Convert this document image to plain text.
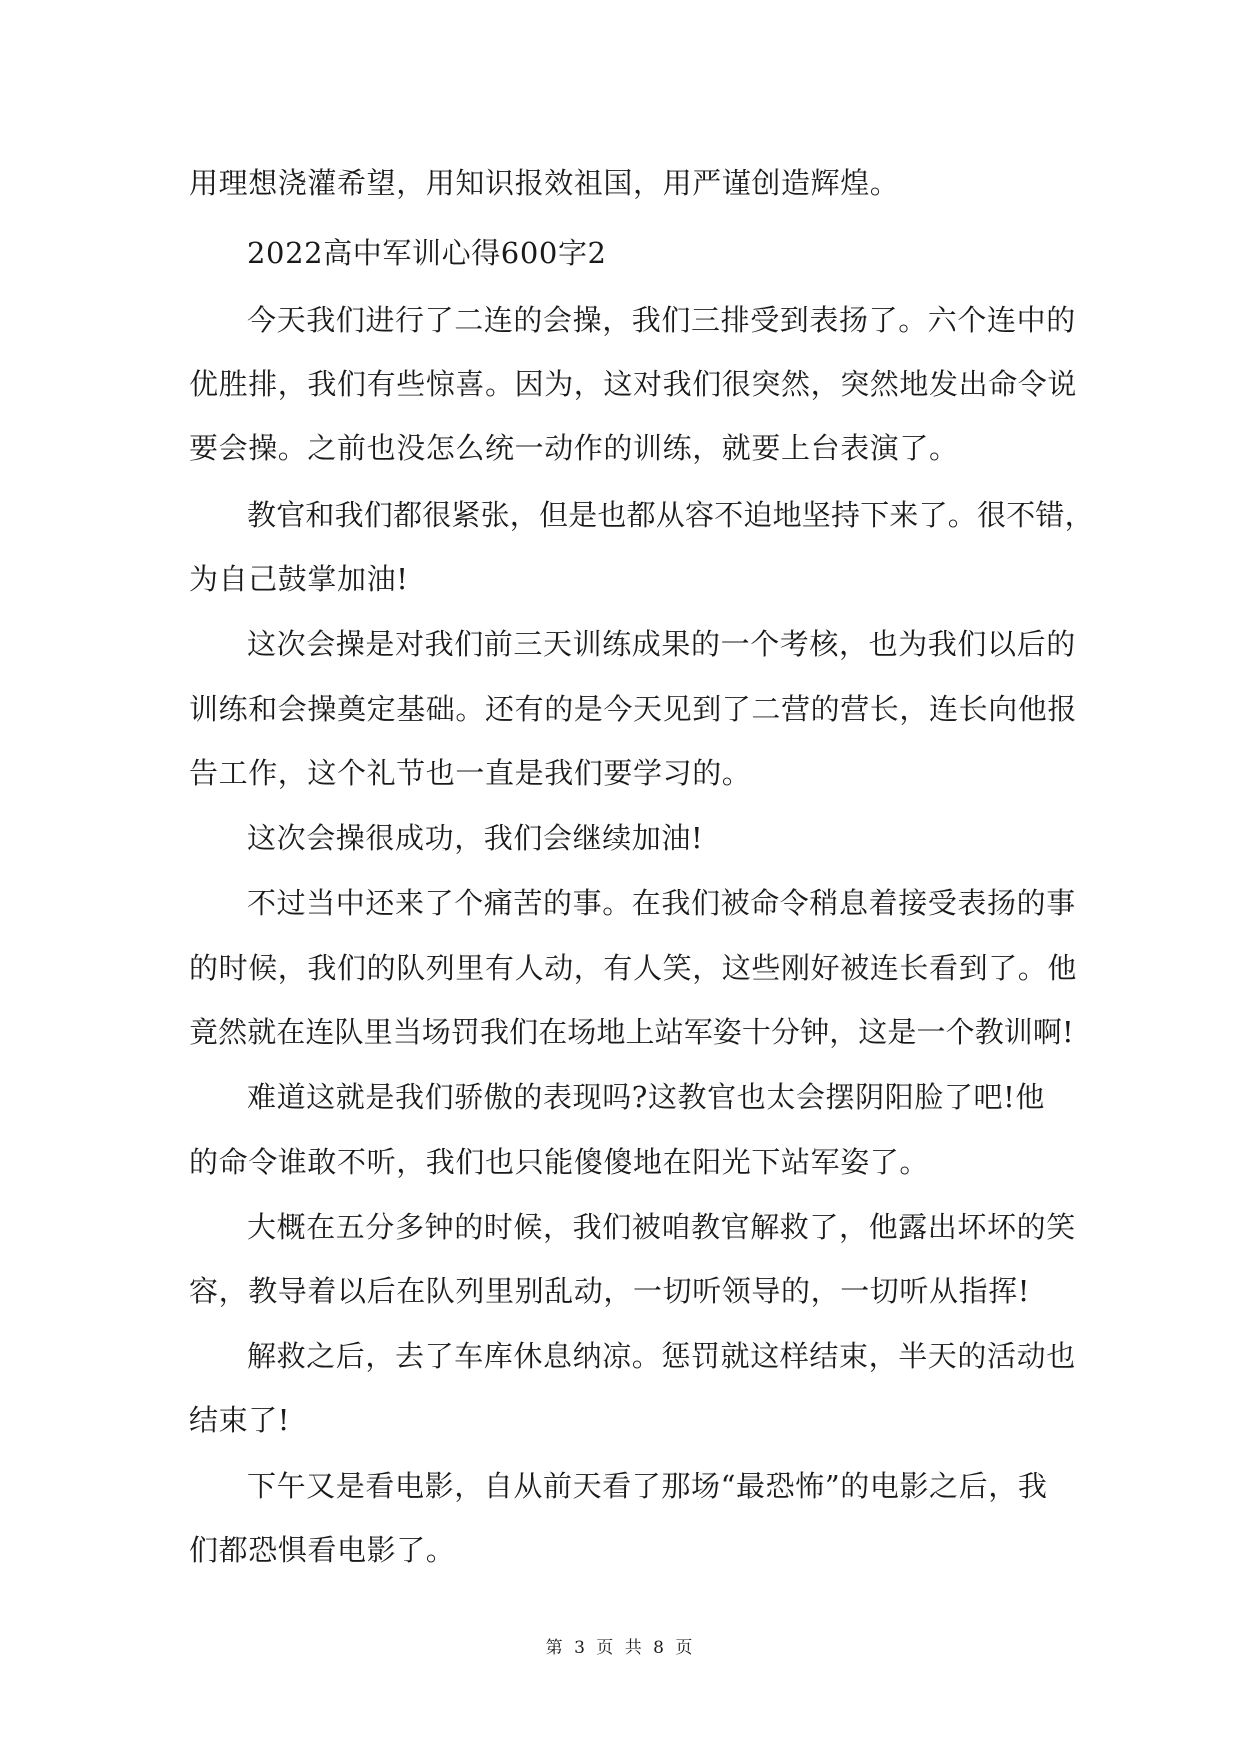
用理想浇灌希望，用知识报效祖国，用严谨创造辉煌。
2022高中军训心得600字2
今天我们进行了二连的会操，我们三排受到表扬了。六个连中的
优胜排，我们有些惊喜。因为，这对我们很突然，突然地发出命令说
要会操。之前也没怎么统一动作的训练，就要上台表演了。
教官和我们都很紧张，但是也都从容不迫地坚持下来了。很不错，
为自己鼓掌加油!
这次会操是对我们前三天训练成果的一个考核，也为我们以后的
训练和会操奠定基础。还有的是今天见到了二营的营长，连长向他报
告工作，这个礼节也一直是我们要学习的。
这次会操很成功，我们会继续加油!
不过当中还来了个痛苦的事。在我们被命令稍息着接受表扬的事
的时候，我们的队列里有人动，有人笑，这些刚好被连长看到了。他
竟然就在连队里当场罚我们在场地上站军姿十分钟，这是一个教训啊!
难道这就是我们骄傲的表现吗?这教官也太会摆阴阳脸了吧!他
的命令谁敢不听，我们也只能傻傻地在阳光下站军姿了。
大概在五分多钟的时候，我们被咱教官解救了，他露出坏坏的笑
容，教导着以后在队列里别乱动，一切听领导的，一切听从指挥!
解救之后，去了车库休息纳凉。惩罚就这样结束，半天的活动也
结束了!
下午又是看电影，自从前天看了那场“最恐怖”的电影之后，我
们都恐惧看电影了。
第 3 页 共 8 页
